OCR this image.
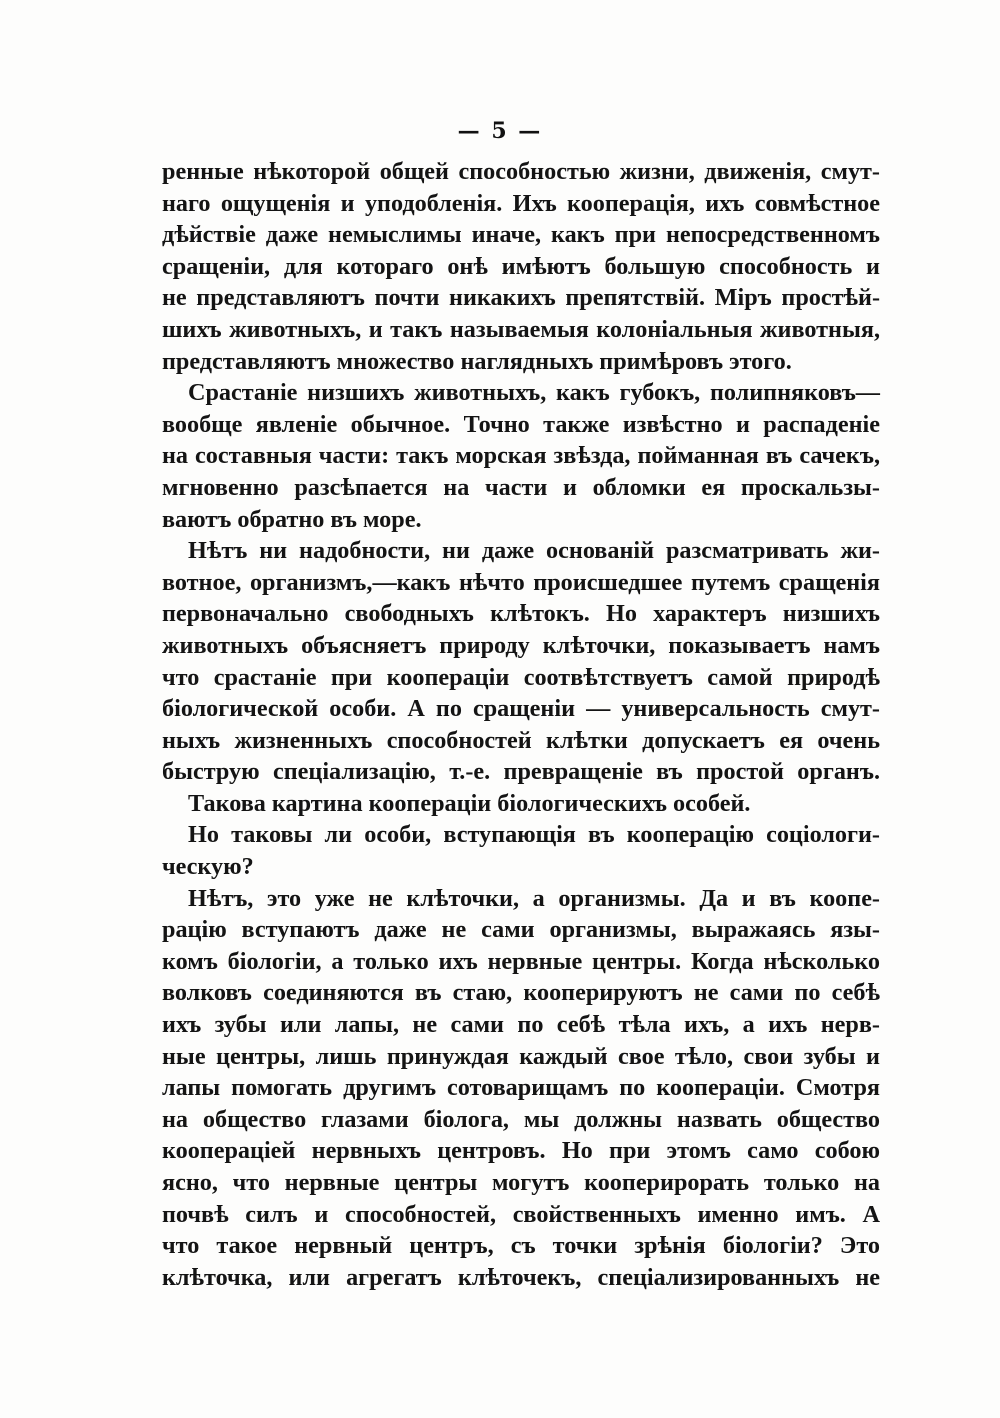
— 5 —
ренные нѣкоторой общей способностью жизни, движенія, смут-
наго ощущенія и уподобленія. Ихъ кооперація, ихъ совмѣстное
дѣйствіе даже немыслимы иначе, какъ при непосредственномъ
сращеніи, для котораго онѣ имѣютъ большую способность и
не представляютъ почти никакихъ препятствій. Міръ простѣй-
шихъ животныхъ, и такъ называемыя колоніальныя животныя,
представляютъ множество наглядныхъ примѣровъ этого.
Срастаніе низшихъ животныхъ, какъ губокъ, полипняковъ—
вообще явленіе обычное. Точно также извѣстно и распаденіе
на составныя части: такъ морская звѣзда, пойманная въ сачекъ,
мгновенно разсѣпается на части и обломки ея проскальзы-
ваютъ обратно въ море.
Нѣтъ ни надобности, ни даже основаній разсматривать жи-
вотное, организмъ,—какъ нѣчто происшедшее путемъ сращенія
первоначально свободныхъ клѣтокъ. Но характеръ низшихъ
животныхъ объясняетъ природу клѣточки, показываетъ намъ
что срастаніе при коопераціи соотвѣтствуетъ самой природѣ
біологической особи. А по сращеніи — универсальность смут-
ныхъ жизненныхъ способностей клѣтки допускаетъ ея очень
быструю спеціализацію, т.-е. превращеніе въ простой органъ.
Такова картина коопераціи біологическихъ особей.
Но таковы ли особи, вступающія въ кооперацію соціологи-
ческую?
Нѣтъ, это уже не клѣточки, а организмы. Да и въ коопе-
рацію вступаютъ даже не сами организмы, выражаясь язы-
комъ біологіи, а только ихъ нервные центры. Когда нѣсколько
волковъ соединяются въ стаю, кооперируютъ не сами по себѣ
ихъ зубы или лапы, не сами по себѣ тѣла ихъ, а ихъ нерв-
ные центры, лишь принуждая каждый свое тѣло, свои зубы и
лапы помогать другимъ сотоварищамъ по коопераціи. Смотря
на общество глазами біолога, мы должны назвать общество
коопераціей нервныхъ центровъ. Но при этомъ само собою
ясно, что нервные центры могутъ кооперирорать только на
почвѣ силъ и способностей, свойственныхъ именно имъ. А
что такое нервный центръ, съ точки зрѣнія біологіи? Это
клѣточка, или агрегатъ клѣточекъ, спеціализированныхъ не
